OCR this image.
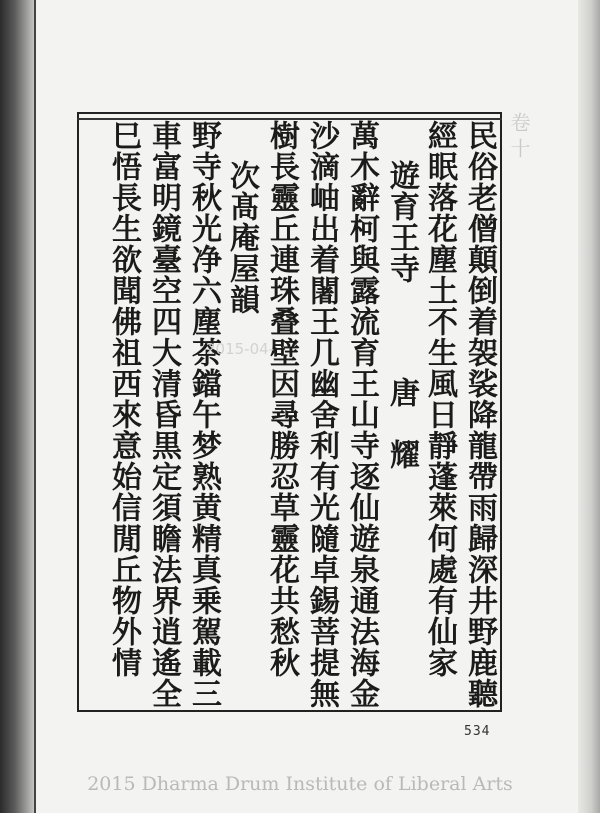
卷十
民俗老僧顛倒着袈裟降龍帶雨歸深井野鹿聽
經眠落花塵土不生風日靜蓬萊何處有仙家
遊育王寺　　　唐　耀
萬木辭柯與露流育王山寺逐仙遊泉通法海金
沙滴岫出着闍王几幽舍利有光隨卓錫菩提無
樹長靈丘連珠叠壁因尋勝忍草靈花共愁秋
次髙庵屋韻
野寺秋光净六塵茶鐺午梦熟黄精真乗駕載三
車富明鏡臺空四大清昏黒定須瞻法界逍遙全
巳悟長生欲聞佛祖西來意始信閒丘物外情	2015-04-
534
2015 Dharma Drum Institute of Liberal Arts
